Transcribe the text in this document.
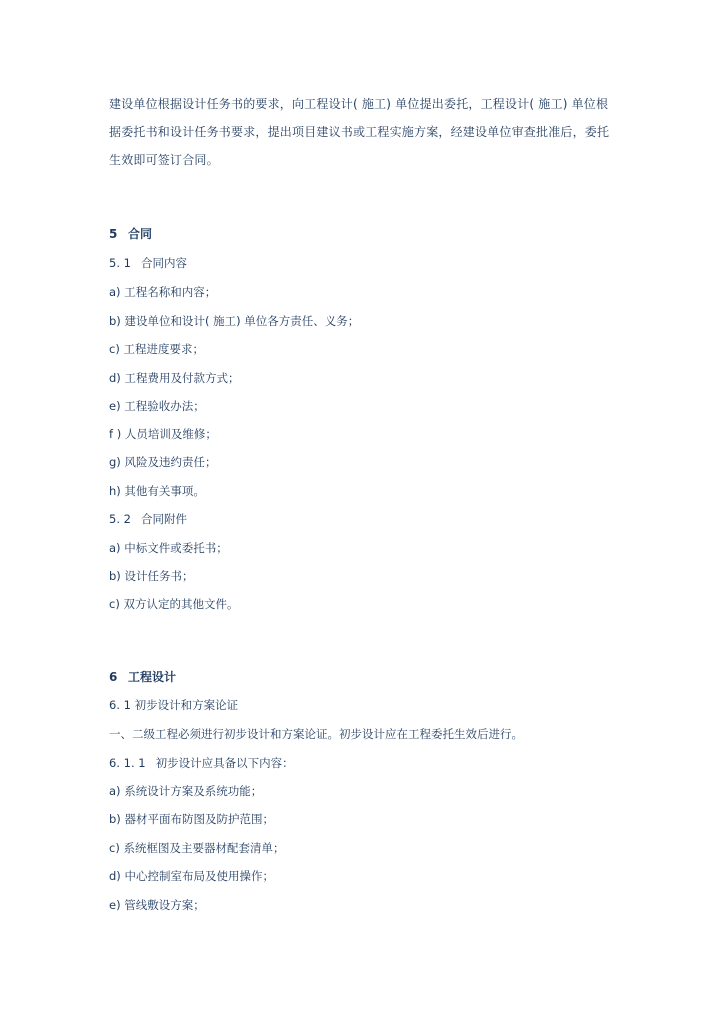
建设单位根据设计任务书的要求，向工程设计( 施工) 单位提出委托，工程设计( 施工) 单位根据委托书和设计任务书要求，提出项目建议书或工程实施方案，经建设单位审查批准后，委托生效即可签订合同。

5 合同
5. 1 合同内容
a) 工程名称和内容；
b) 建设单位和设计( 施工) 单位各方责任、义务；
c) 工程进度要求；
d) 工程费用及付款方式；
e) 工程验收办法；
f ) 人员培训及维修；
g) 风险及违约责任；
h) 其他有关事项。
5. 2 合同附件
a) 中标文件或委托书；
b) 设计任务书；
c) 双方认定的其他文件。
6 工程设计
6. 1 初步设计和方案论证
一、二级工程必须进行初步设计和方案论证。初步设计应在工程委托生效后进行。
6. 1. 1 初步设计应具备以下内容：
a) 系统设计方案及系统功能；
b) 器材平面布防图及防护范围；
c) 系统框图及主要器材配套清单；
d) 中心控制室布局及使用操作；
e) 管线敷设方案；
